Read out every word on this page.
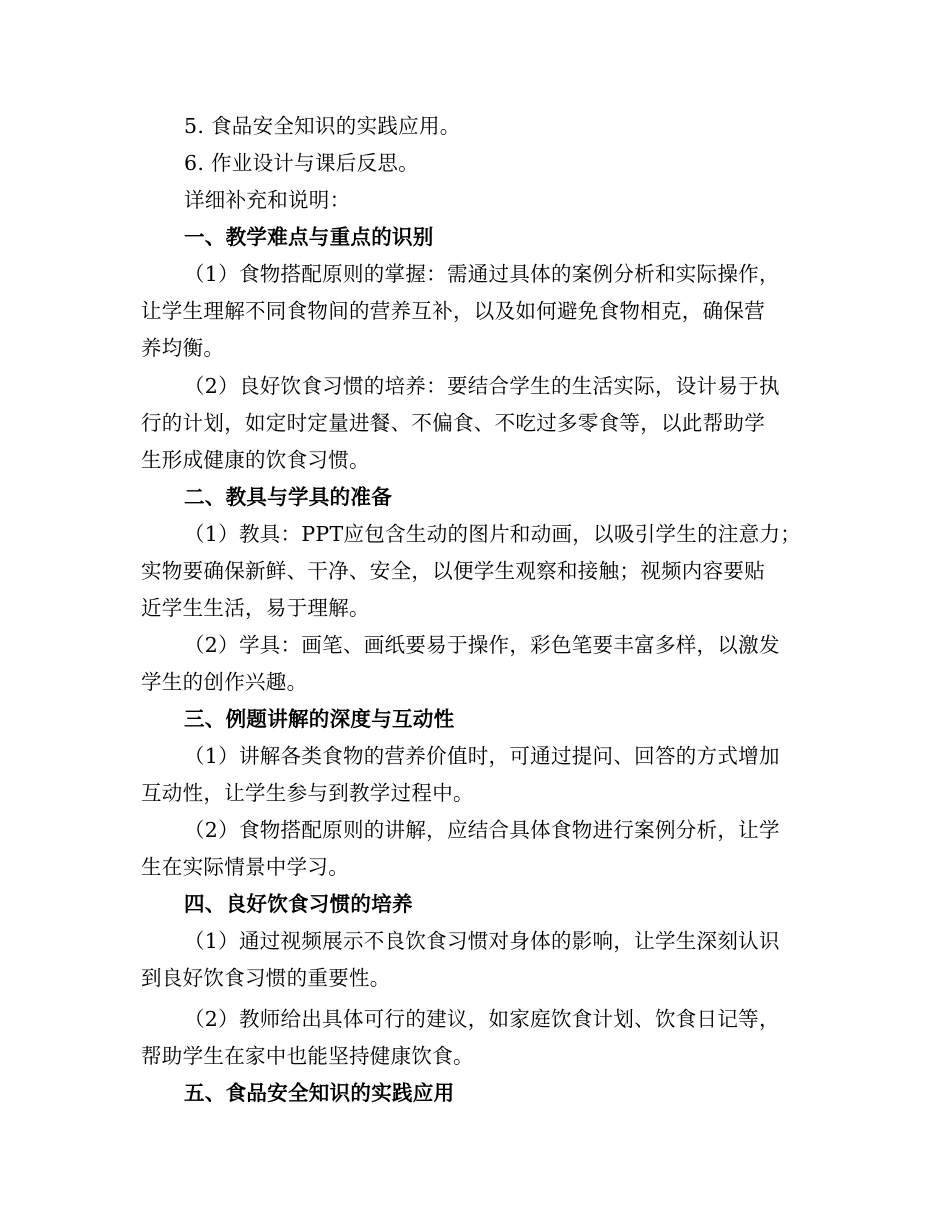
5. 食品安全知识的实践应用。
6. 作业设计与课后反思。
详细补充和说明：
一、教学难点与重点的识别
（1）食物搭配原则的掌握：需通过具体的案例分析和实际操作，
让学生理解不同食物间的营养互补，以及如何避免食物相克，确保营
养均衡。
（2）良好饮食习惯的培养：要结合学生的生活实际，设计易于执
行的计划，如定时定量进餐、不偏食、不吃过多零食等，以此帮助学
生形成健康的饮食习惯。
二、教具与学具的准备
（1）教具：PPT应包含生动的图片和动画，以吸引学生的注意力；
实物要确保新鲜、干净、安全，以便学生观察和接触；视频内容要贴
近学生生活，易于理解。
（2）学具：画笔、画纸要易于操作，彩色笔要丰富多样，以激发
学生的创作兴趣。
三、例题讲解的深度与互动性
（1）讲解各类食物的营养价值时，可通过提问、回答的方式增加
互动性，让学生参与到教学过程中。
（2）食物搭配原则的讲解，应结合具体食物进行案例分析，让学
生在实际情景中学习。
四、良好饮食习惯的培养
（1）通过视频展示不良饮食习惯对身体的影响，让学生深刻认识
到良好饮食习惯的重要性。
（2）教师给出具体可行的建议，如家庭饮食计划、饮食日记等，
帮助学生在家中也能坚持健康饮食。
五、食品安全知识的实践应用
